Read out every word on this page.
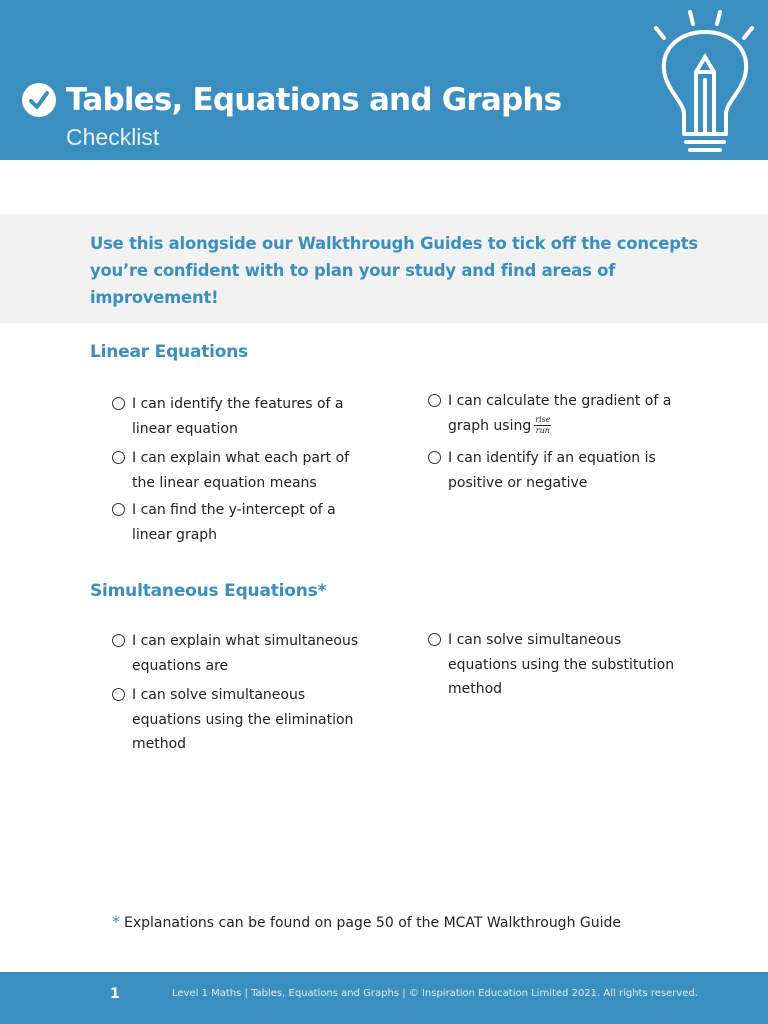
Tables, Equations and Graphs
Checklist
Use this alongside our Walkthrough Guides to tick off the concepts you’re confident with to plan your study and find areas of improvement!
Linear Equations
I can identify the features of a linear equation
I can explain what each part of the linear equation means
I can find the y-intercept of a linear graph
I can calculate the gradient of a graph using $\frac{\text{rise}}{\text{run}}$
I can identify if an equation is positive or negative
Simultaneous Equations*
I can explain what simultaneous equations are
I can solve simultaneous equations using the elimination method
I can solve simultaneous equations using the substitution method
* Explanations can be found on page 50 of the MCAT Walkthrough Guide
1	Level 1 Maths | Tables, Equations and Graphs | © Inspiration Education Limited 2021. All rights reserved.
